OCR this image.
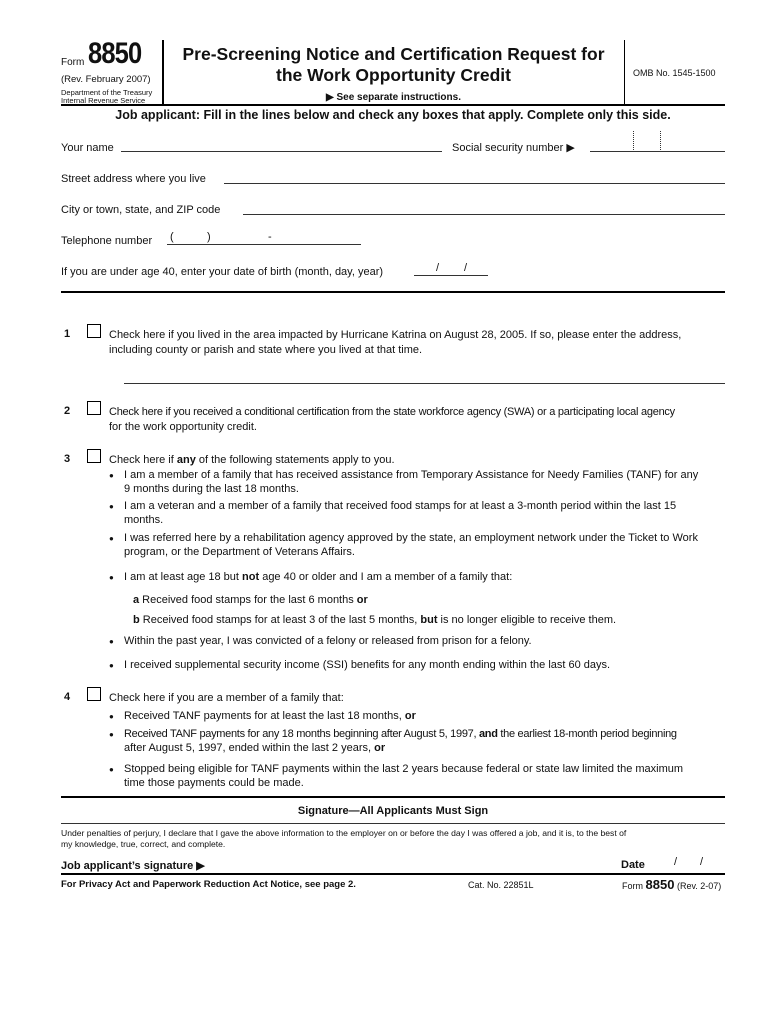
Form 8850
(Rev. February 2007)
Department of the Treasury
Internal Revenue Service
Pre-Screening Notice and Certification Request for
the Work Opportunity Credit
▶ See separate instructions.
OMB No. 1545-1500
Job applicant: Fill in the lines below and check any boxes that apply. Complete only this side.
Your name	Social security number ▶
Street address where you live
City or town, state, and ZIP code
Telephone number (	)	-
If you are under age 40, enter your date of birth (month, day, year)	/ /
1	Check here if you lived in the area impacted by Hurricane Katrina on August 28, 2005. If so, please enter the address,
including county or parish and state where you lived at that time.
2	Check here if you received a conditional certification from the state workforce agency (SWA) or a participating local agency
for the work opportunity credit.
3	Check here if any of the following statements apply to you.
● I am a member of a family that has received assistance from Temporary Assistance for Needy Families (TANF) for any
9 months during the last 18 months.
● I am a veteran and a member of a family that received food stamps for at least a 3-month period within the last 15
months.
● I was referred here by a rehabilitation agency approved by the state, an employment network under the Ticket to Work
program, or the Department of Veterans Affairs.
● I am at least age 18 but not age 40 or older and I am a member of a family that:
a Received food stamps for the last 6 months or
b Received food stamps for at least 3 of the last 5 months, but is no longer eligible to receive them.
● Within the past year, I was convicted of a felony or released from prison for a felony.
● I received supplemental security income (SSI) benefits for any month ending within the last 60 days.
4	Check here if you are a member of a family that:
● Received TANF payments for at least the last 18 months, or
● Received TANF payments for any 18 months beginning after August 5, 1997, and the earliest 18-month period beginning
after August 5, 1997, ended within the last 2 years, or
● Stopped being eligible for TANF payments within the last 2 years because federal or state law limited the maximum
time those payments could be made.
Signature—All Applicants Must Sign
Under penalties of perjury, I declare that I gave the above information to the employer on or before the day I was offered a job, and it is, to the best of
my knowledge, true, correct, and complete.
Job applicant’s signature ▶	Date	/ /
For Privacy Act and Paperwork Reduction Act Notice, see page 2.	Cat. No. 22851L	Form 8850 (Rev. 2-07)
